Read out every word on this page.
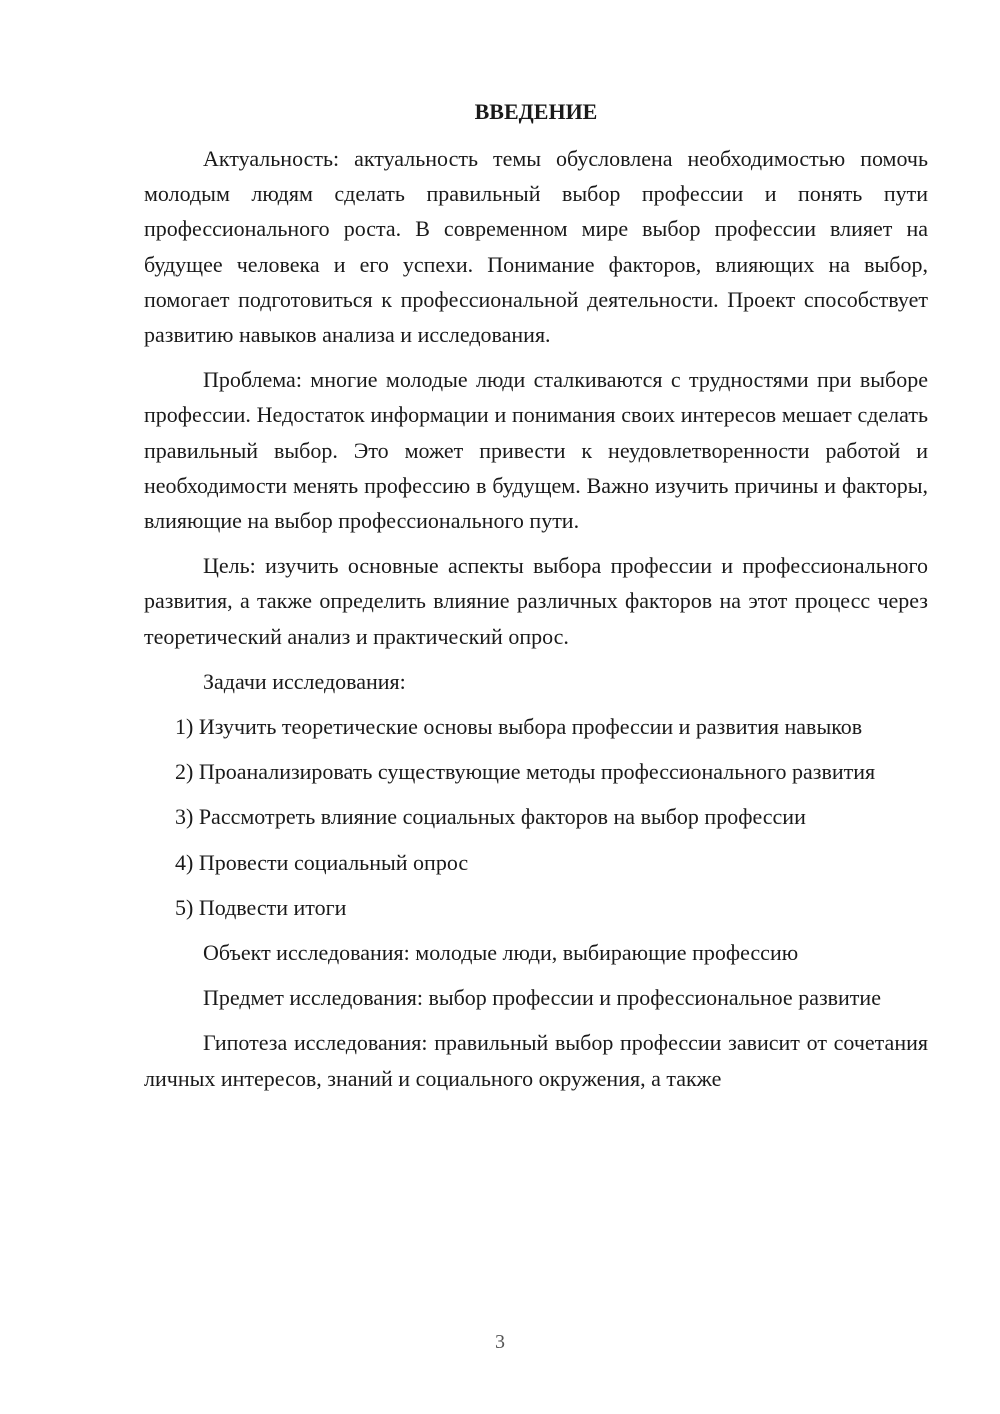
ВВЕДЕНИЕ

Актуальность: актуальность темы обусловлена необходимостью помочь молодым людям сделать правильный выбор профессии и понять пути профессионального роста. В современном мире выбор профессии влияет на будущее человека и его успехи. Понимание факторов, влияющих на выбор, помогает подготовиться к профессиональной деятельности. Проект способствует развитию навыков анализа и исследования.

Проблема: многие молодые люди сталкиваются с трудностями при выборе профессии. Недостаток информации и понимания своих интересов мешает сделать правильный выбор. Это может привести к неудовлетворенности работой и необходимости менять профессию в будущем. Важно изучить причины и факторы, влияющие на выбор профессионального пути.

Цель: изучить основные аспекты выбора профессии и профессионального развития, а также определить влияние различных факторов на этот процесс через теоретический анализ и практический опрос.

Задачи исследования:

1) Изучить теоретические основы выбора профессии и развития навыков

2) Проанализировать существующие методы профессионального развития

3) Рассмотреть влияние социальных факторов на выбор профессии

4) Провести социальный опрос

5) Подвести итоги

Объект исследования: молодые люди, выбирающие профессию

Предмет исследования: выбор профессии и профессиональное развитие

Гипотеза исследования: правильный выбор профессии зависит от сочетания личных интересов, знаний и социального окружения, а также

3
